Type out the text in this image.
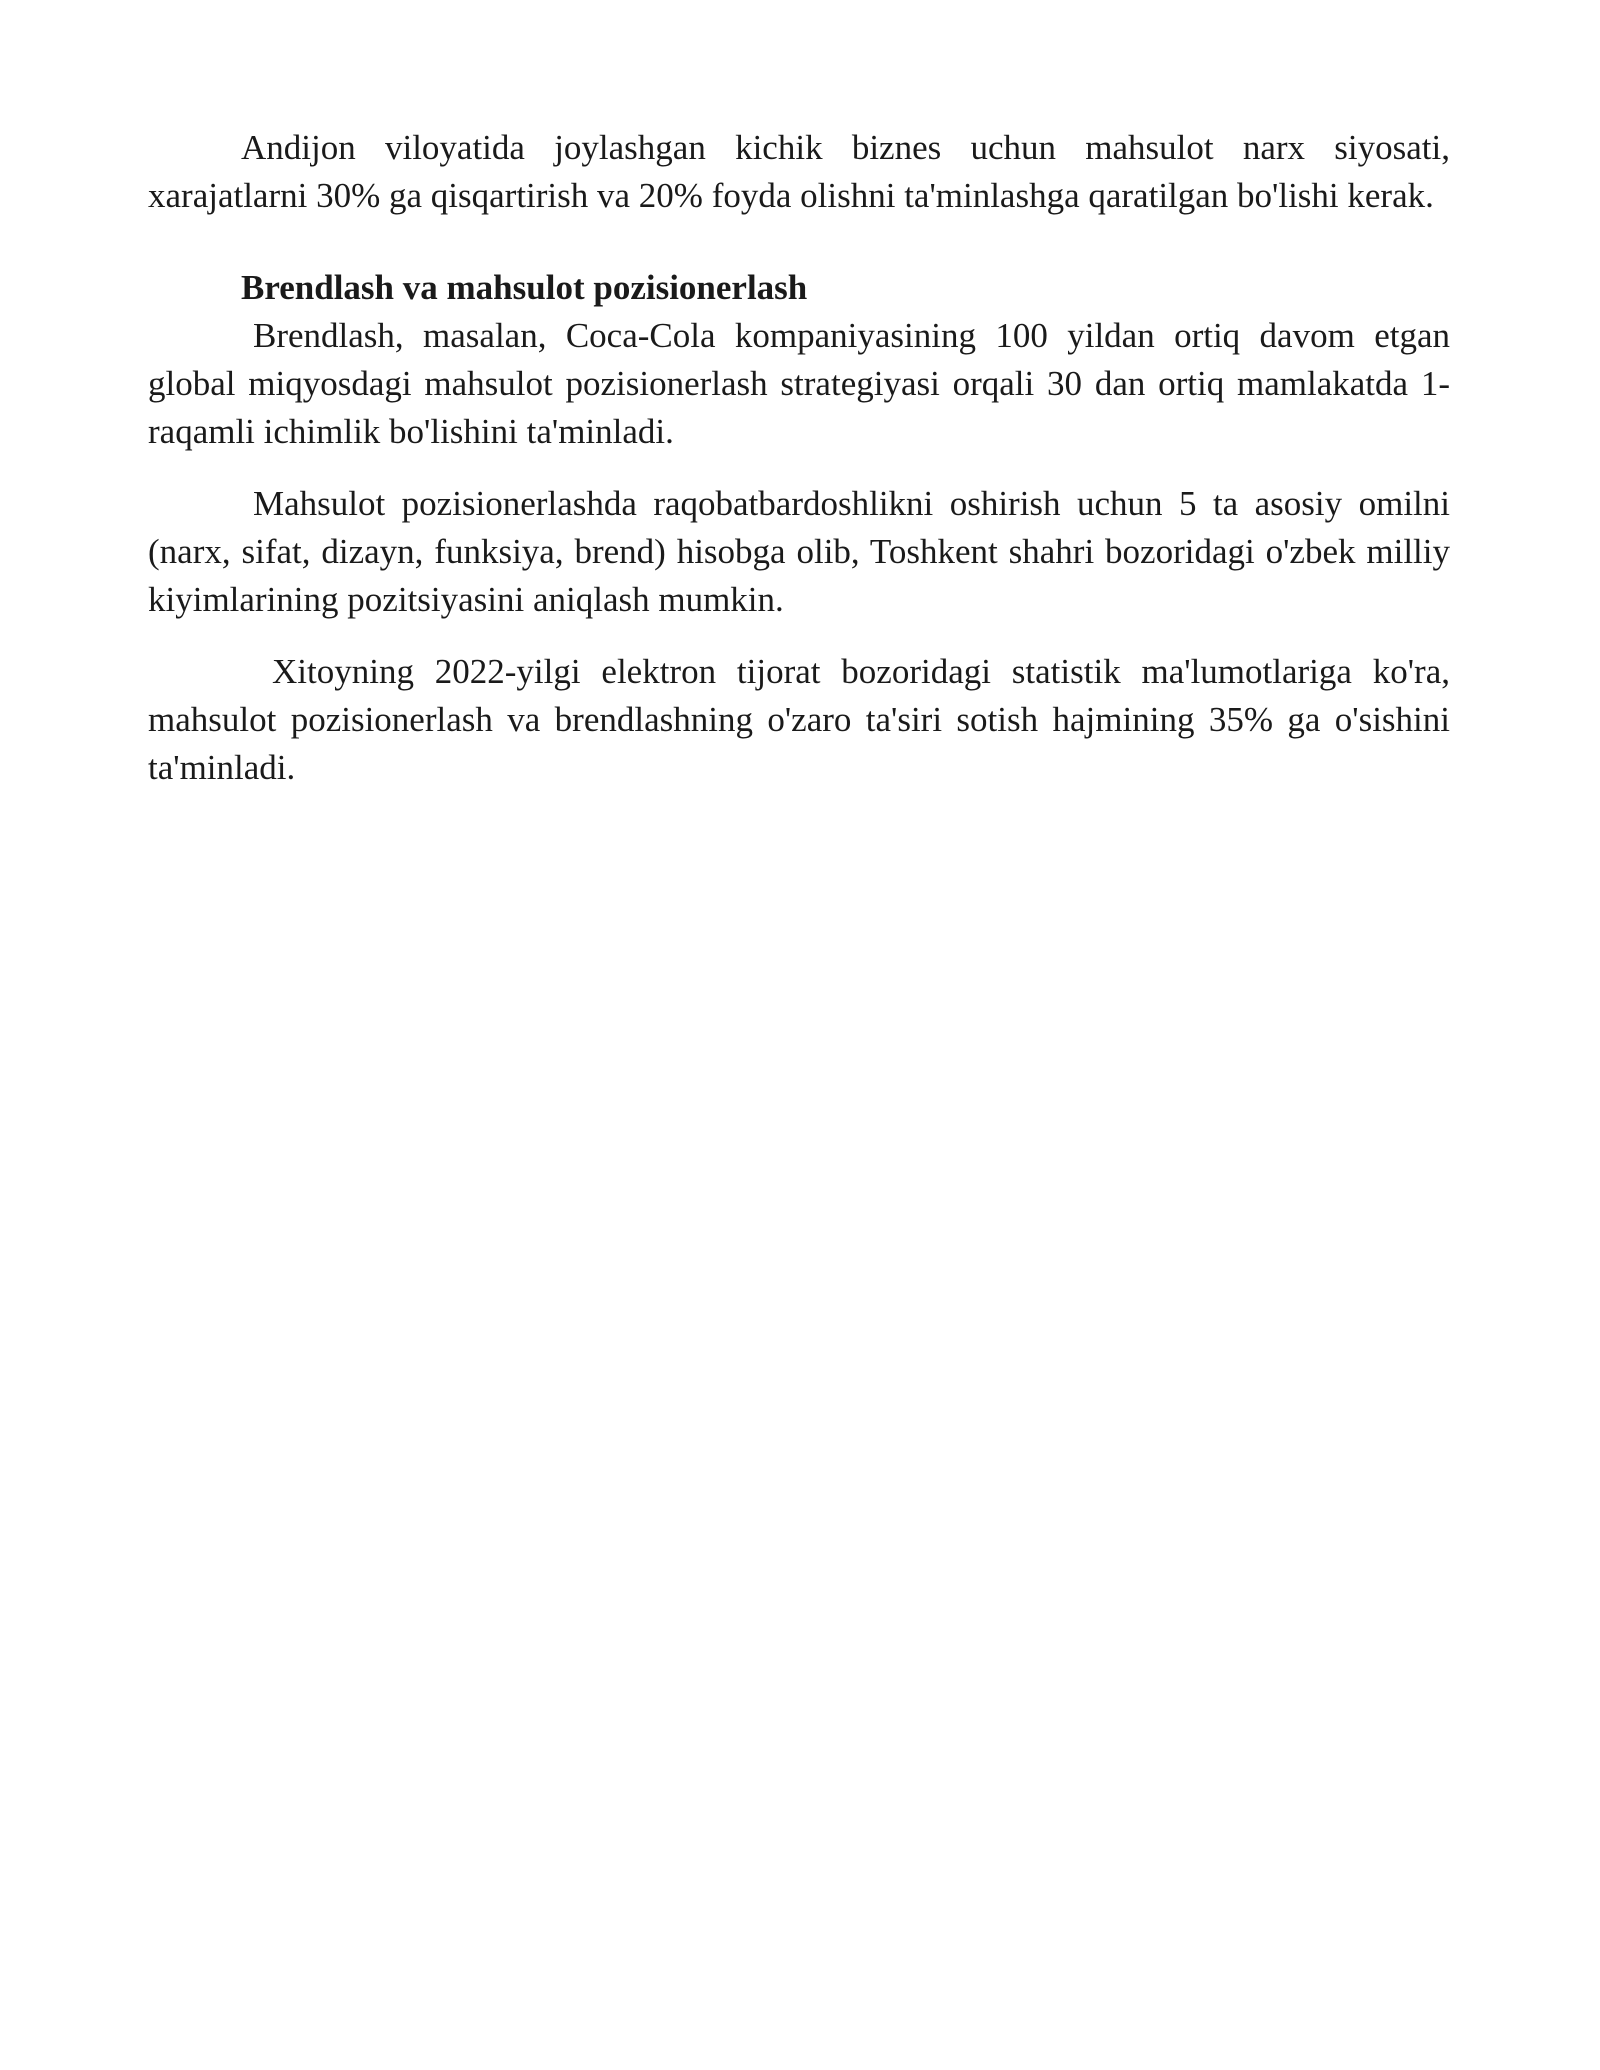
Andijon viloyatida joylashgan kichik biznes uchun mahsulot narx siyosati, xarajatlarni 30% ga qisqartirish va 20% foyda olishni ta'minlashga qaratilgan bo'lishi kerak.

Brendlash va mahsulot pozisionerlash

Brendlash, masalan, Coca-Cola kompaniyasining 100 yildan ortiq davom etgan global miqyosdagi mahsulot pozisionerlash strategiyasi orqali 30 dan ortiq mamlakatda 1-raqamli ichimlik bo'lishini ta'minladi.

Mahsulot pozisionerlashda raqobatbardoshlikni oshirish uchun 5 ta asosiy omilni (narx, sifat, dizayn, funksiya, brend) hisobga olib, Toshkent shahri bozoridagi o'zbek milliy kiyimlarining pozitsiyasini aniqlash mumkin.

Xitoyning 2022-yilgi elektron tijorat bozoridagi statistik ma'lumotlariga ko'ra, mahsulot pozisionerlash va brendlashning o'zaro ta'siri sotish hajmining 35% ga o'sishini ta'minladi.
